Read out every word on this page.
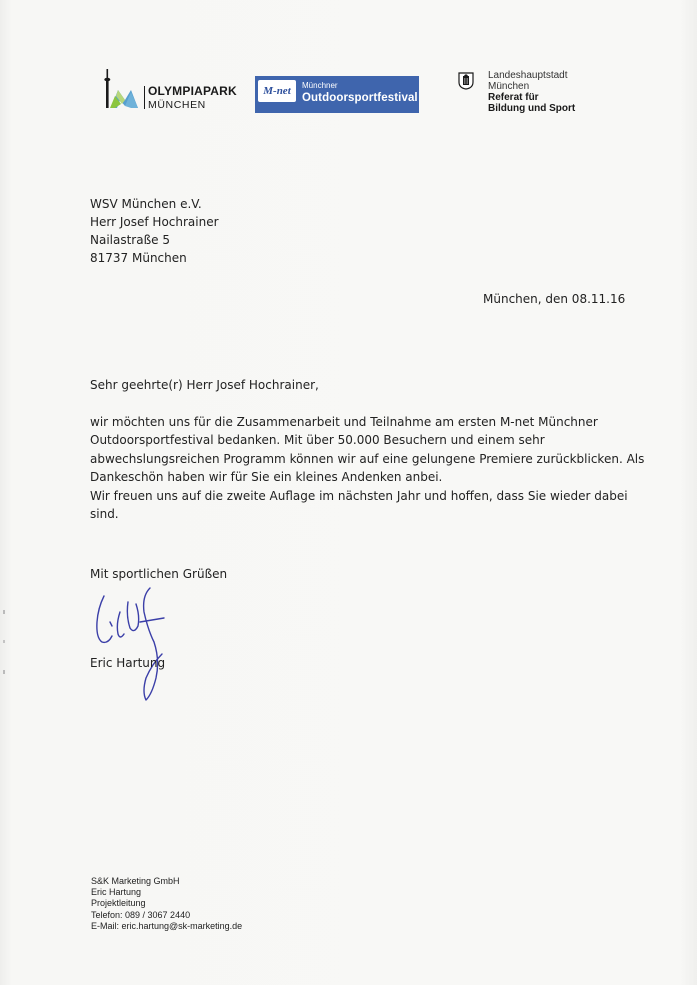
OLYMPIAPARK
MÜNCHEN
M-net	Münchner
Outdoorsportfestival
Landeshauptstadt
München
Referat für
Bildung und Sport
WSV München e.V.
Herr Josef Hochrainer
Nailastraße 5
81737 München
München, den 08.11.16
Sehr geehrte(r) Herr Josef Hochrainer,
wir möchten uns für die Zusammenarbeit und Teilnahme am ersten M-net Münchner
Outdoorsportfestival bedanken. Mit über 50.000 Besuchern und einem sehr
abwechslungsreichen Programm können wir auf eine gelungene Premiere zurückblicken. Als
Dankeschön haben wir für Sie ein kleines Andenken anbei.
Wir freuen uns auf die zweite Auflage im nächsten Jahr und hoffen, dass Sie wieder dabei
sind.
Mit sportlichen Grüßen
Eric Hartung
S&K Marketing GmbH
Eric Hartung
Projektleitung
Telefon: 089 / 3067 2440
E-Mail: eric.hartung@sk-marketing.de
